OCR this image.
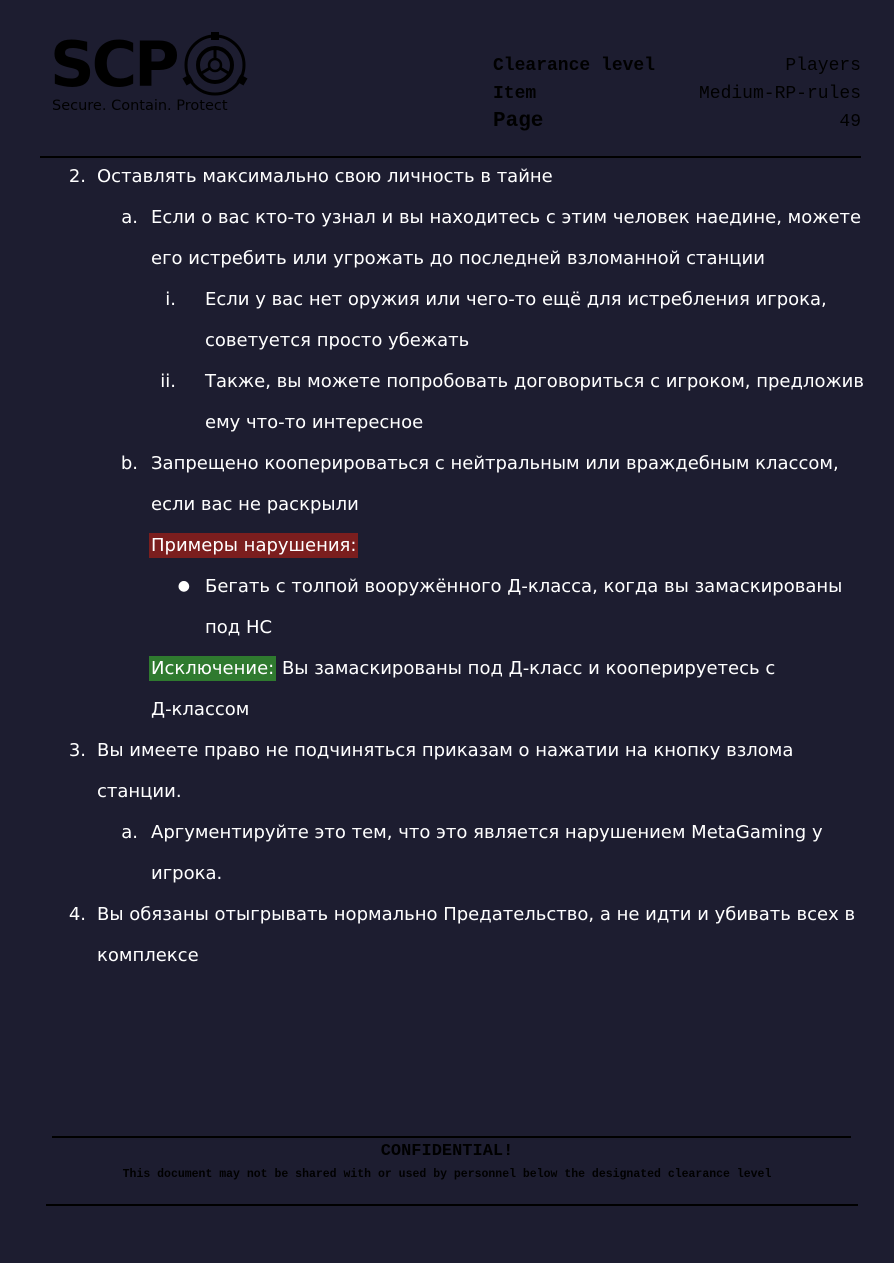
SCP
Secure. Contain. Protect
Clearance level	Players
Item	Medium-RP-rules
Page	49
2. Оставлять максимально свою личность в тайне
a. Если о вас кто-то узнал и вы находитесь с этим человек наедине, можете
его истребить или угрожать до последней взломанной станции
i. Если у вас нет оружия или чего-то ещё для истребления игрока,
советуется просто убежать
ii. Также, вы можете попробовать договориться с игроком, предложив
ему что-то интересное
b. Запрещено кооперироваться с нейтральным или враждебным классом,
если вас не раскрыли
Примеры нарушения:
● Бегать с толпой вооружённого Д-класса, когда вы замаскированы
под НС
Исключение: Вы замаскированы под Д-класс и кооперируетесь с
Д-классом
3. Вы имеете право не подчиняться приказам о нажатии на кнопку взлома
станции.
a. Аргументируйте это тем, что это является нарушением MetaGaming у
игрока.
4. Вы обязаны отыгрывать нормально Предательство, а не идти и убивать всех в
комплексе
CONFIDENTIAL!
This document may not be shared with or used by personnel below the designated clearance level
